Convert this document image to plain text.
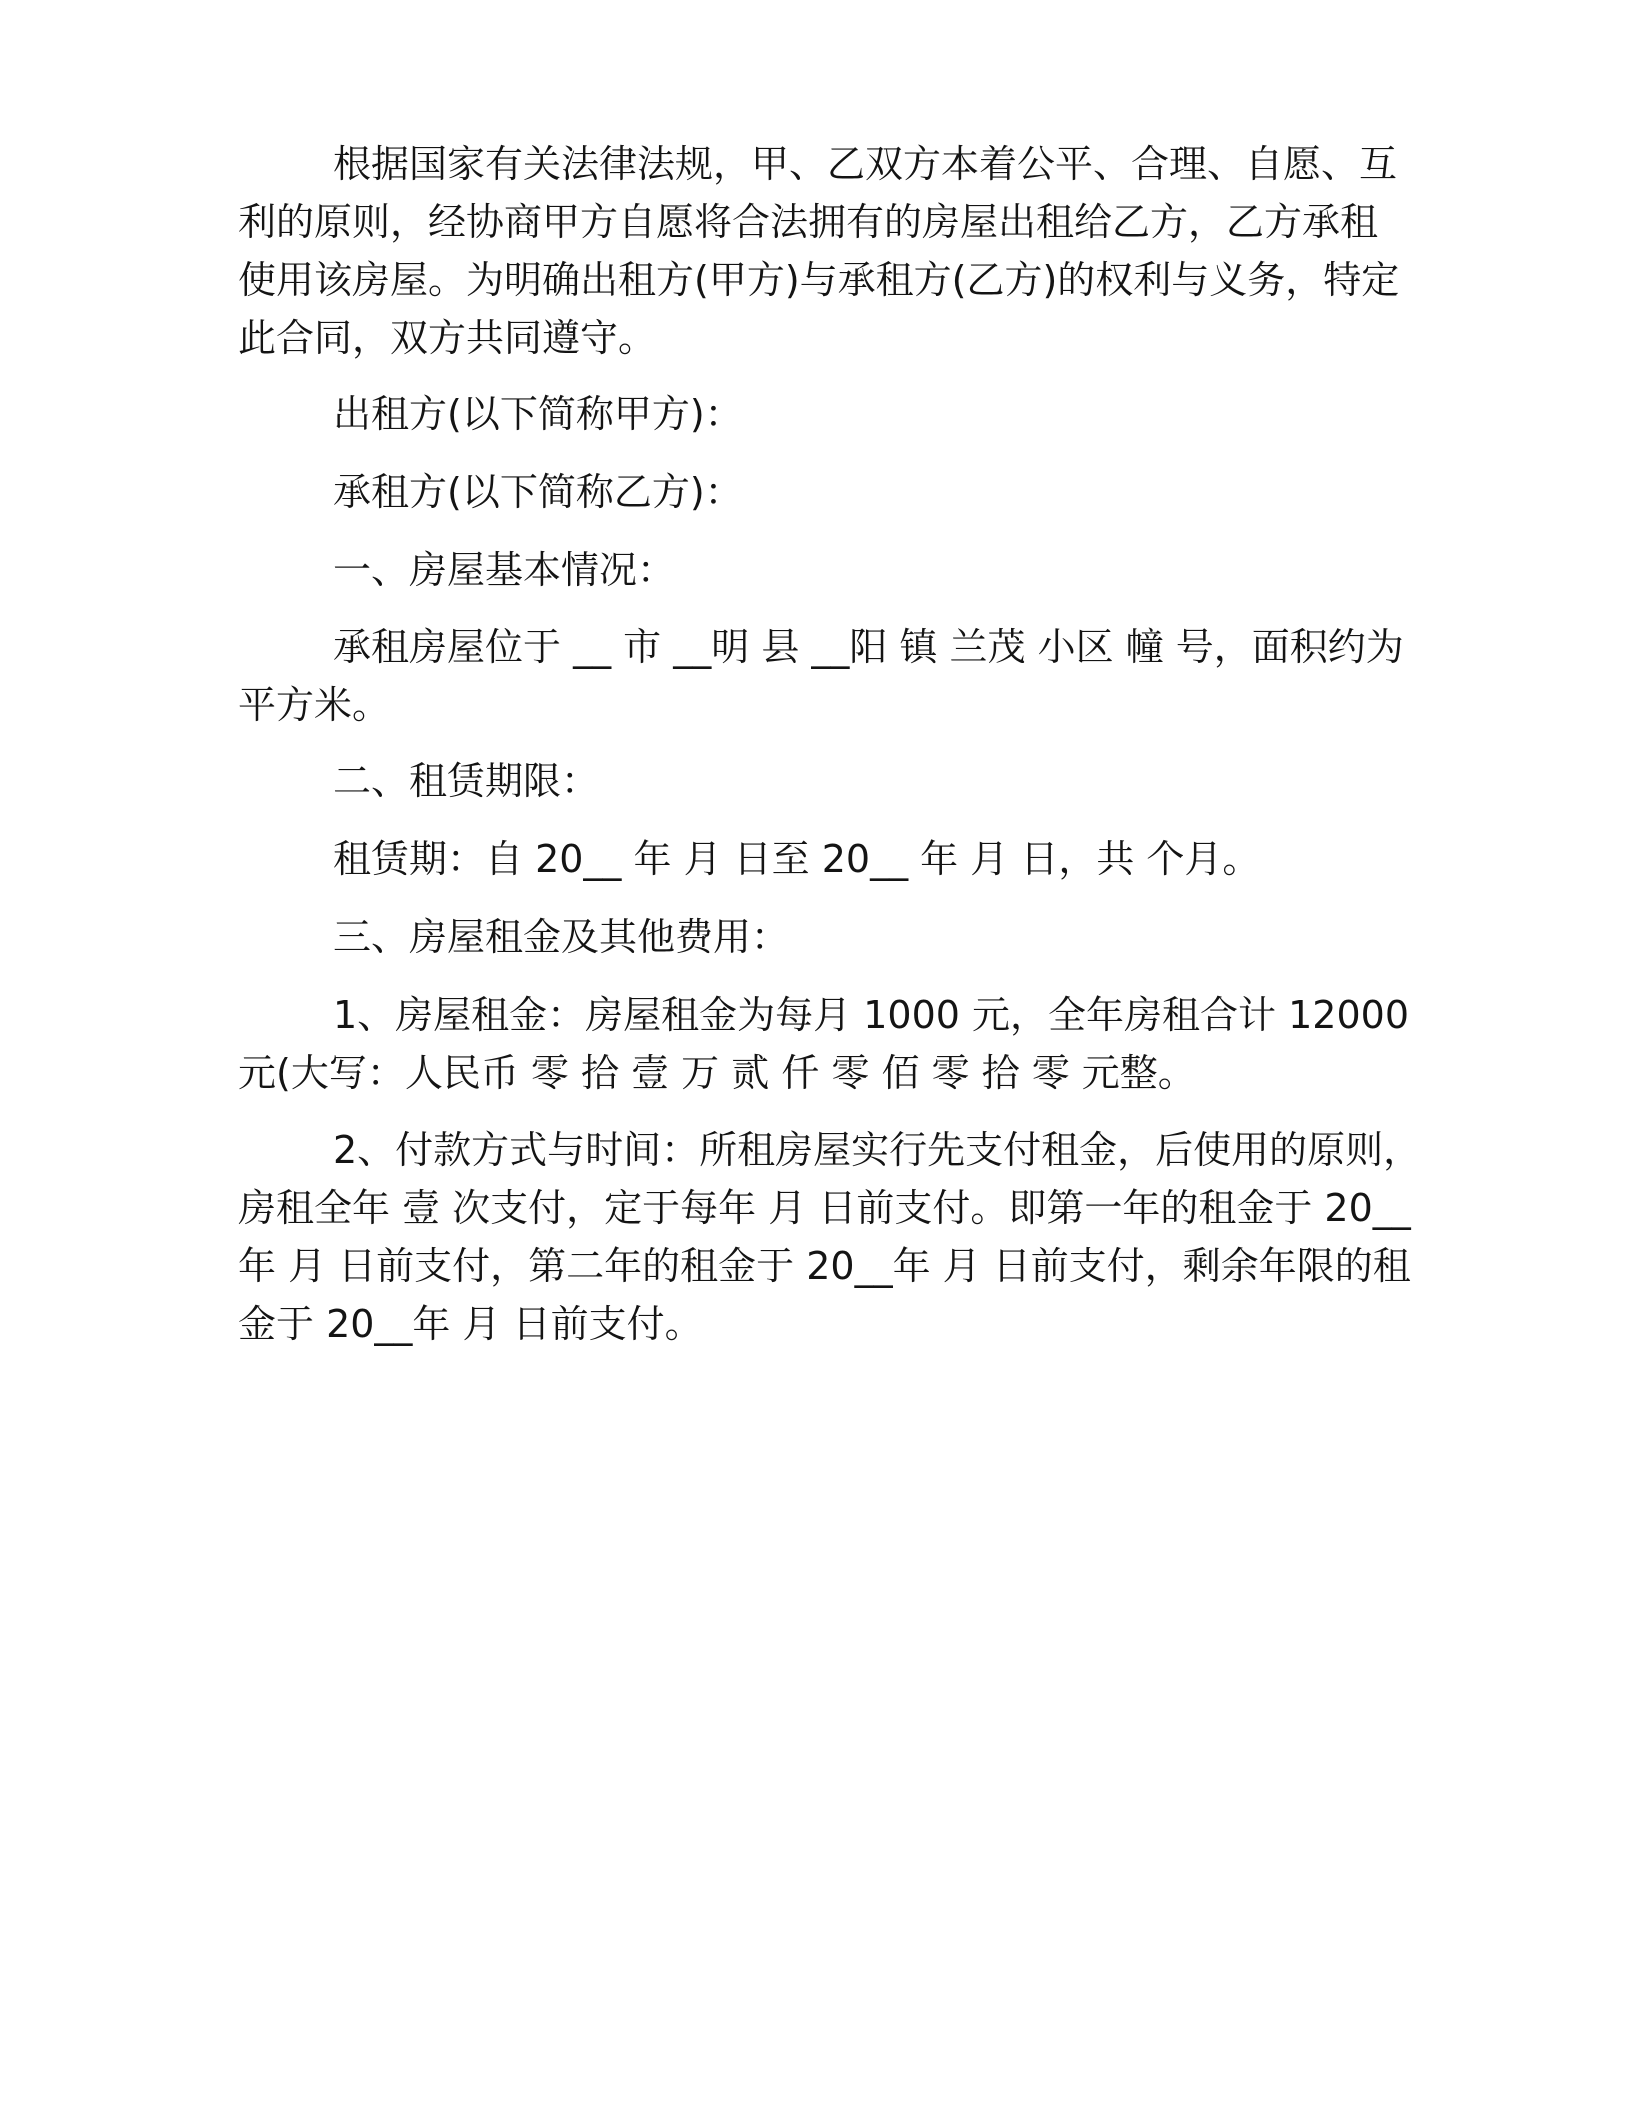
根据国家有关法律法规，甲、乙双方本着公平、合理、自愿、互
利的原则，经协商甲方自愿将合法拥有的房屋出租给乙方，乙方承租
使用该房屋。为明确出租方(甲方)与承租方(乙方)的权利与义务，特定
此合同，双方共同遵守。
出租方(以下简称甲方)：
承租方(以下简称乙方)：
一、房屋基本情况：
承租房屋位于 __ 市 __明 县 __阳 镇 兰茂 小区 幢 号，面积约为
平方米。
二、租赁期限：
租赁期：自 20__ 年 月 日至 20__ 年 月 日，共 个月。
三、房屋租金及其他费用：
1、房屋租金：房屋租金为每月 1000 元，全年房租合计 12000
元(大写：人民币 零 拾 壹 万 贰 仟 零 佰 零 拾 零 元整。
2、付款方式与时间：所租房屋实行先支付租金，后使用的原则，
房租全年 壹 次支付，定于每年 月 日前支付。即第一年的租金于 20__
年 月 日前支付，第二年的租金于 20__年 月 日前支付，剩余年限的租
金于 20__年 月 日前支付。
